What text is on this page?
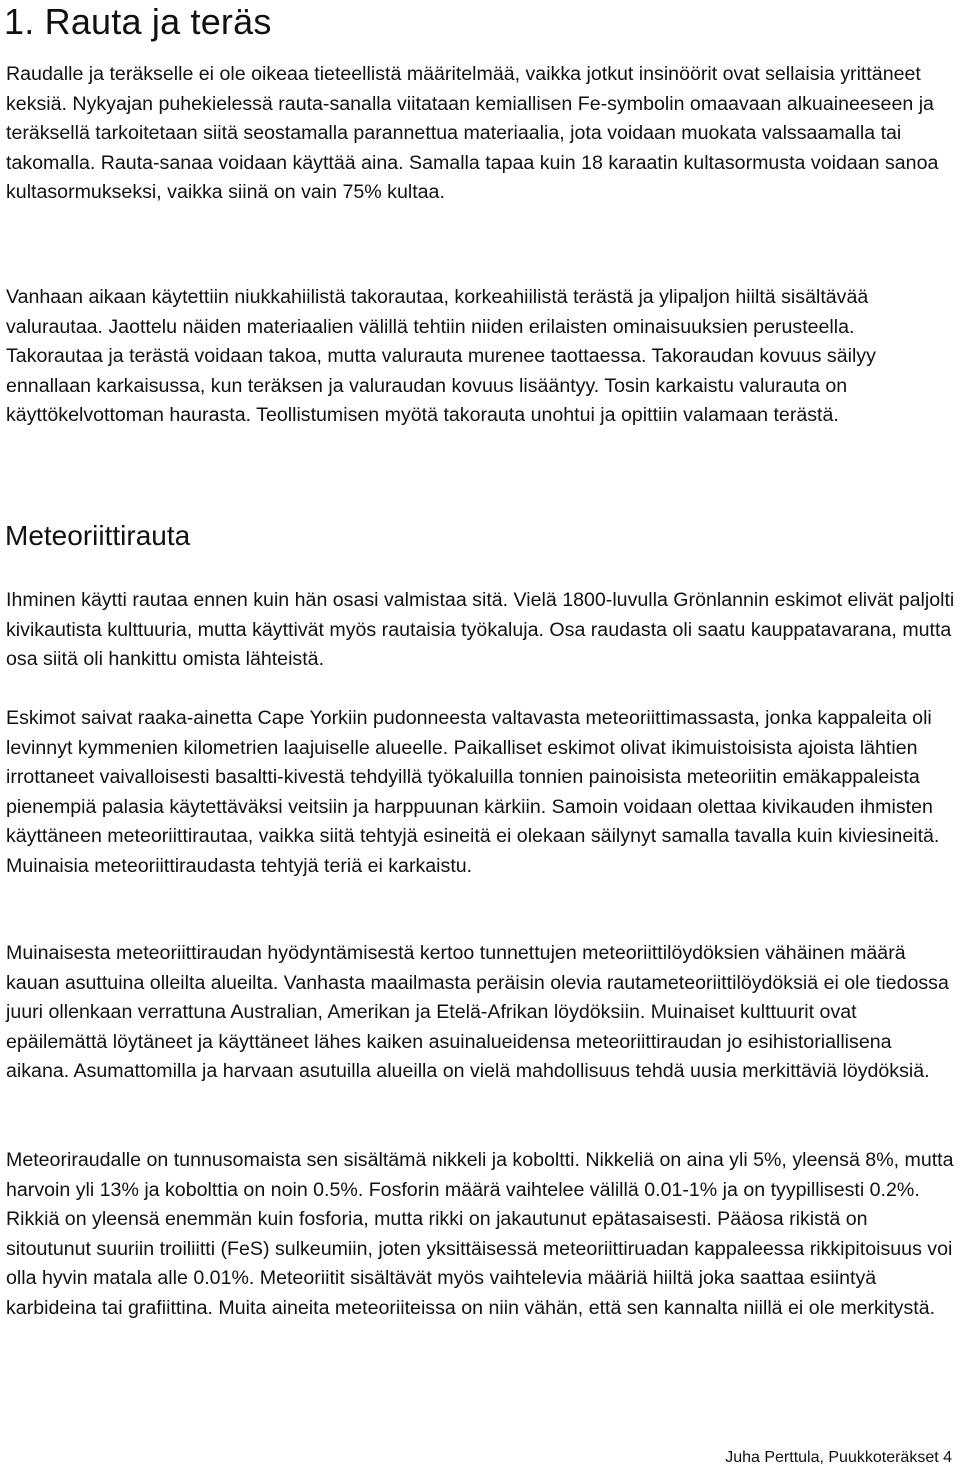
1. Rauta ja teräs

Raudalle ja teräkselle ei ole oikeaa tieteellistä määritelmää, vaikka jotkut insinöörit ovat sellaisia yrittäneet keksiä. Nykyajan puhekielessä rauta-sanalla viitataan kemiallisen Fe-symbolin omaavaan alkuaineeseen ja teräksellä tarkoitetaan siitä seostamalla parannettua materiaalia, jota voidaan muokata valssaamalla tai takomalla. Rauta-sanaa voidaan käyttää aina. Samalla tapaa kuin 18 karaatin kultasormusta voidaan sanoa kultasormukseksi, vaikka siinä on vain 75% kultaa.

Vanhaan aikaan käytettiin niukkahiilistä takorautaa, korkeahiilistä terästä ja ylipaljon hiiltä sisältävää valurautaa. Jaottelu näiden materiaalien välillä tehtiin niiden erilaisten ominaisuuksien perusteella. Takorautaa ja terästä voidaan takoa, mutta valurauta murenee taottaessa. Takoraudan kovuus säilyy ennallaan karkaisussa, kun teräksen ja valuraudan kovuus lisääntyy. Tosin karkaistu valurauta on käyttökelvottoman haurasta. Teollistumisen myötä takorauta unohtui ja opittiin valamaan terästä.

Meteoriittirauta

Ihminen käytti rautaa ennen kuin hän osasi valmistaa sitä. Vielä 1800-luvulla Grönlannin eskimot elivät paljolti kivikautista kulttuuria, mutta käyttivät myös rautaisia työkaluja. Osa raudasta oli saatu kauppatavarana, mutta osa siitä oli hankittu omista lähteistä.

Eskimot saivat raaka-ainetta Cape Yorkiin pudonneesta valtavasta meteoriittimassasta, jonka kappaleita oli levinnyt kymmenien kilometrien laajuiselle alueelle. Paikalliset eskimot olivat ikimuistoisista ajoista lähtien irrottaneet vaivalloisesti basaltti-kivestä tehdyillä työkaluilla tonnien painoisista meteoriitin emäkappaleista pienempiä palasia käytettäväksi veitsiin ja harppuunan kärkiin. Samoin voidaan olettaa kivikauden ihmisten käyttäneen meteoriittirautaa, vaikka siitä tehtyjä esineitä ei olekaan säilynyt samalla tavalla kuin kiviesineitä. Muinaisia meteoriittiraudasta tehtyjä teriä ei karkaistu.

Muinaisesta meteoriittiraudan hyödyntämisestä kertoo tunnettujen meteoriittilöydöksien vähäinen määrä kauan asuttuina olleilta alueilta. Vanhasta maailmasta peräisin olevia rautameteoriittilöydöksiä ei ole tiedossa juuri ollenkaan verrattuna Australian, Amerikan ja Etelä-Afrikan löydöksiin. Muinaiset kulttuurit ovat epäilemättä löytäneet ja käyttäneet lähes kaiken asuinalueidensa meteoriittiraudan jo esihistoriallisena aikana. Asumattomilla ja harvaan asutuilla alueilla on vielä mahdollisuus tehdä uusia merkittäviä löydöksiä.

Meteoriraudalle on tunnusomaista sen sisältämä nikkeli ja koboltti. Nikkeliä on aina yli 5%, yleensä 8%, mutta harvoin yli 13% ja kobolttia on noin 0.5%. Fosforin määrä vaihtelee välillä 0.01-1% ja on tyypillisesti 0.2%. Rikkiä on yleensä enemmän kuin fosforia, mutta rikki on jakautunut epätasaisesti. Pääosa rikistä on sitoutunut suuriin troiliitti (FeS) sulkeumiin, joten yksittäisessä meteoriittiruadan kappaleessa rikkipitoisuus voi olla hyvin matala alle 0.01%. Meteoriitit sisältävät myös vaihtelevia määriä hiiltä joka saattaa esiintyä karbideina tai grafiittina. Muita aineita meteoriiteissa on niin vähän, että sen kannalta niillä ei ole merkitystä.

Juha Perttula, Puukkoteräkset 4
